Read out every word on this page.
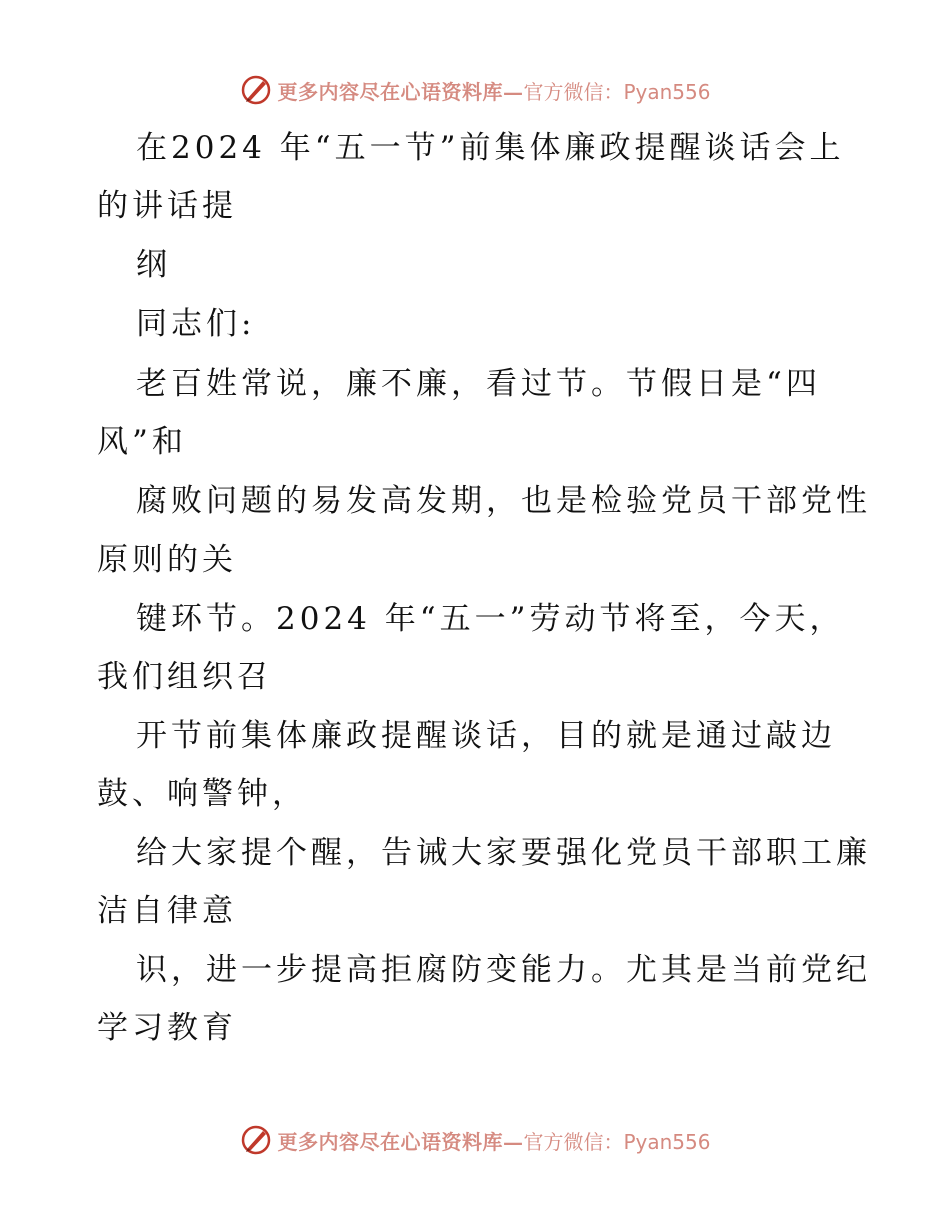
更多内容尽在心语资料库— 官方微信：Pyan556
在2024 年“五一节”前集体廉政提醒谈话会上
的讲话提
纲
同志们:
老百姓常说，廉不廉，看过节。节假日是“四
风”和
腐败问题的易发高发期，也是检验党员干部党性
原则的关
键环节。2024 年“五一”劳动节将至，今天，
我们组织召
开节前集体廉政提醒谈话，目的就是通过敲边
鼓、响警钟，
给大家提个醒，告诫大家要强化党员干部职工廉
洁自律意
识，进一步提高拒腐防变能力。尤其是当前党纪
学习教育
更多内容尽在心语资料库— 官方微信：Pyan556
